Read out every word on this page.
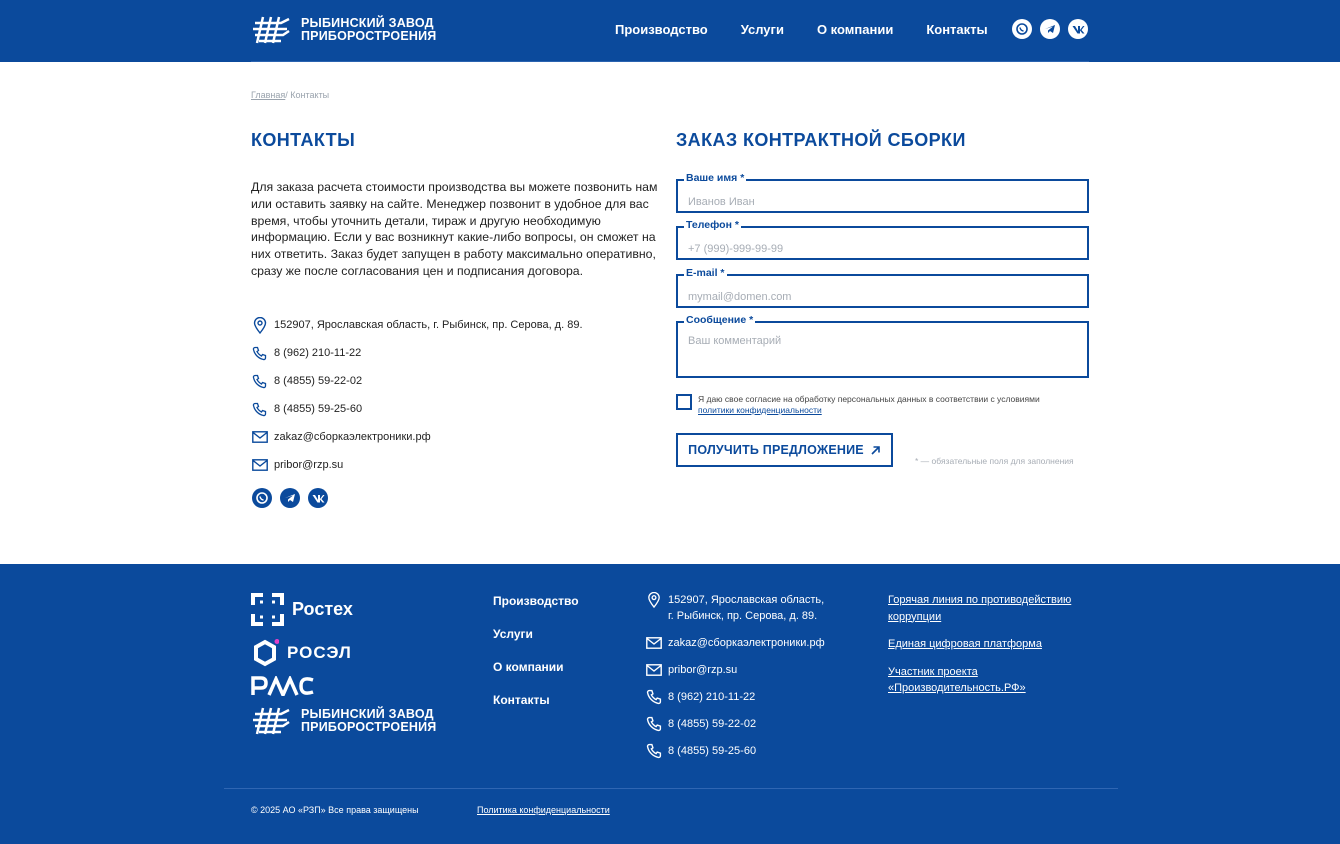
РЫБИНСКИЙ ЗАВОД
ПРИБОРОСТРОЕНИЯ	Производство	Услуги	О компании	Контакты
Главная/ Контакты
КОНТАКТЫ
Для заказа расчета стоимости производства вы можете позвонить нам или оставить заявку на сайте. Менеджер позвонит в удобное для вас время, чтобы уточнить детали, тираж и другую необходимую информацию. Если у вас возникнут какие-либо вопросы, он сможет на них ответить. Заказ будет запущен в работу максимально оперативно, сразу же после согласования цен и подписания договора.
152907, Ярославская область, г. Рыбинск, пр. Серова, д. 89.
8 (962) 210-11-22
8 (4855) 59-22-02
8 (4855) 59-25-60
zakaz@сборкаэлектроники.рф
pribor@rzp.su
ЗАКАЗ КОНТРАКТНОЙ СБОРКИ
Ваше имя *
Иванов Иван
Телефон *
+7 (999)-999-99-99
E-mail *
mymail@domen.com
Сообщение *
Ваш комментарий
Я даю свое согласие на обработку персональных данных в соответствии с условиями
политики конфиденциальности
ПОЛУЧИТЬ ПРЕДЛОЖЕНИЕ
* — обязательные поля для заполнения
Ростех
РОСЭЛ
РЫБИНСКИЙ ЗАВОД
ПРИБОРОСТРОЕНИЯ
Производство
Услуги
О компании
Контакты
152907, Ярославская область,
г. Рыбинск, пр. Серова, д. 89.
zakaz@сборкаэлектроники.рф
pribor@rzp.su
8 (962) 210-11-22
8 (4855) 59-22-02
8 (4855) 59-25-60
Горячая линия по противодействию
коррупции
Единая цифровая платформа
Участник проекта
«Производительность.РФ»
© 2025 АО «РЗП» Все права защищены	Политика конфиденциальности
